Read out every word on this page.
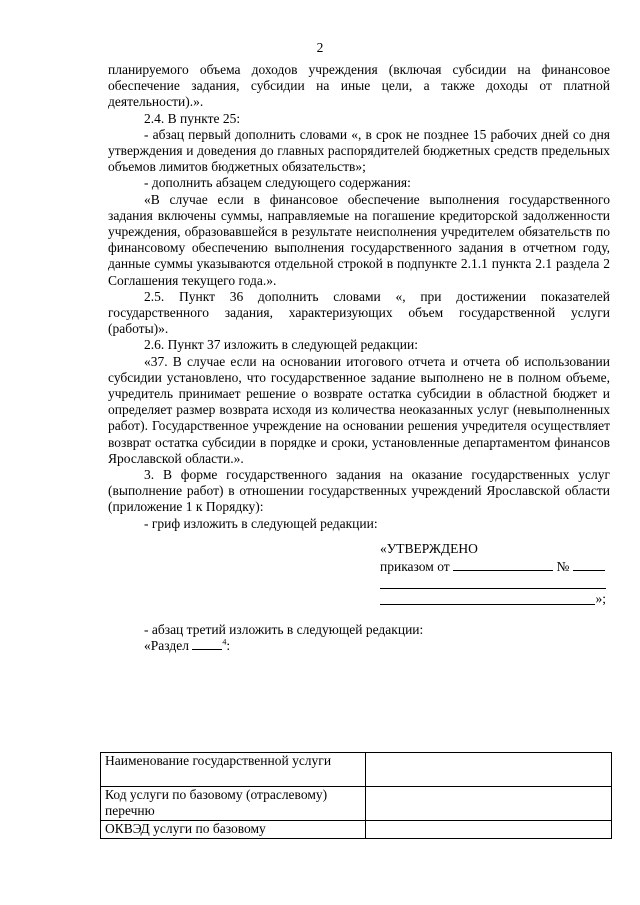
2

планируемого объема доходов учреждения (включая субсидии на финансовое обеспечение задания, субсидии на иные цели, а также доходы от платной деятельности).».

2.4. В пункте 25:

- абзац первый дополнить словами «, в срок не позднее 15 рабочих дней со дня утверждения и доведения до главных распорядителей бюджетных средств предельных объемов лимитов бюджетных обязательств»;

- дополнить абзацем следующего содержания:

«В случае если в финансовое обеспечение выполнения государственного задания включены суммы, направляемые на погашение кредиторской задолженности учреждения, образовавшейся в результате неисполнения учредителем обязательств по финансовому обеспечению выполнения государственного задания в отчетном году, данные суммы указываются отдельной строкой в подпункте 2.1.1 пункта 2.1 раздела 2 Соглашения текущего года.».

2.5. Пункт 36 дополнить словами «, при достижении показателей государственного задания, характеризующих объем государственной услуги (работы)».

2.6. Пункт 37 изложить в следующей редакции:

«37. В случае если на основании итогового отчета и отчета об использовании субсидии установлено, что государственное задание выполнено не в полном объеме, учредитель принимает решение о возврате остатка субсидии в областной бюджет и определяет размер возврата исходя из количества неоказанных услуг (невыполненных работ). Государственное учреждение на основании решения учредителя осуществляет возврат остатка субсидии в порядке и сроки, установленные департаментом финансов Ярославской области.».

3. В форме государственного задания на оказание государственных услуг (выполнение работ) в отношении государственных учреждений Ярославской области (приложение 1 к Порядку):

- гриф изложить в следующей редакции:

«УТВЕРЖДЕНО
приказом от	№
»;

- абзац третий изложить в следующей редакции:

«Раздел	$^4$:

Наименование государственной услуги	
Код услуги по базовому (отраслевому) перечню	
ОКВЭД услуги по базовому	
